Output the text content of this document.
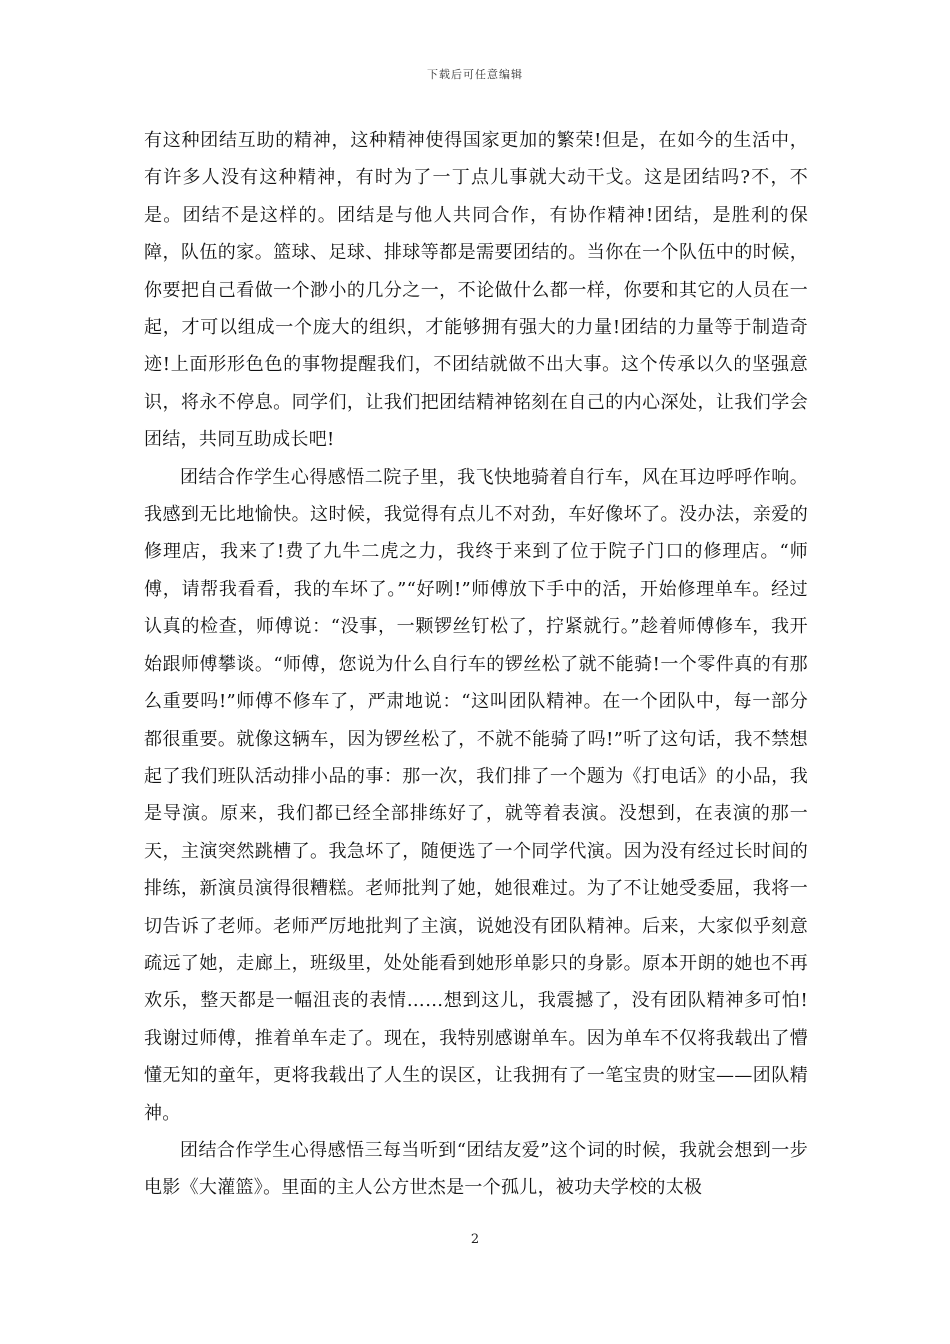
下载后可任意编辑

有这种团结互助的精神，这种精神使得国家更加的繁荣!但是，在如今的生活中，有许多人没有这种精神，有时为了一丁点儿事就大动干戈。这是团结吗?不，不是。团结不是这样的。团结是与他人共同合作，有协作精神!团结，是胜利的保障，队伍的家。篮球、足球、排球等都是需要团结的。当你在一个队伍中的时候，你要把自己看做一个渺小的几分之一，不论做什么都一样，你要和其它的人员在一起，才可以组成一个庞大的组织，才能够拥有强大的力量!团结的力量等于制造奇迹!上面形形色色的事物提醒我们，不团结就做不出大事。这个传承以久的坚强意识，将永不停息。同学们，让我们把团结精神铭刻在自己的内心深处，让我们学会团结，共同互助成长吧!

团结合作学生心得感悟二院子里，我飞快地骑着自行车，风在耳边呼呼作响。我感到无比地愉快。这时候，我觉得有点儿不对劲，车好像坏了。没办法，亲爱的修理店，我来了!费了九牛二虎之力，我终于来到了位于院子门口的修理店。“师傅，请帮我看看，我的车坏了。”“好咧!”师傅放下手中的活，开始修理单车。经过认真的检查，师傅说：“没事，一颗锣丝钉松了，拧紧就行。”趁着师傅修车，我开始跟师傅攀谈。“师傅，您说为什么自行车的锣丝松了就不能骑!一个零件真的有那么重要吗!”师傅不修车了，严肃地说：“这叫团队精神。在一个团队中，每一部分都很重要。就像这辆车，因为锣丝松了，不就不能骑了吗!”听了这句话，我不禁想起了我们班队活动排小品的事：那一次，我们排了一个题为《打电话》的小品，我是导演。原来，我们都已经全部排练好了，就等着表演。没想到，在表演的那一天，主演突然跳槽了。我急坏了，随便选了一个同学代演。因为没有经过长时间的排练，新演员演得很糟糕。老师批判了她，她很难过。为了不让她受委屈，我将一切告诉了老师。老师严厉地批判了主演，说她没有团队精神。后来，大家似乎刻意疏远了她，走廊上，班级里，处处能看到她形单影只的身影。原本开朗的她也不再欢乐，整天都是一幅沮丧的表情……想到这儿，我震撼了，没有团队精神多可怕!我谢过师傅，推着单车走了。现在，我特别感谢单车。因为单车不仅将我载出了懵懂无知的童年，更将我载出了人生的误区，让我拥有了一笔宝贵的财宝——团队精神。

团结合作学生心得感悟三每当听到“团结友爱”这个词的时候，我就会想到一步电影《大灌篮》。里面的主人公方世杰是一个孤儿，被功夫学校的太极

2
